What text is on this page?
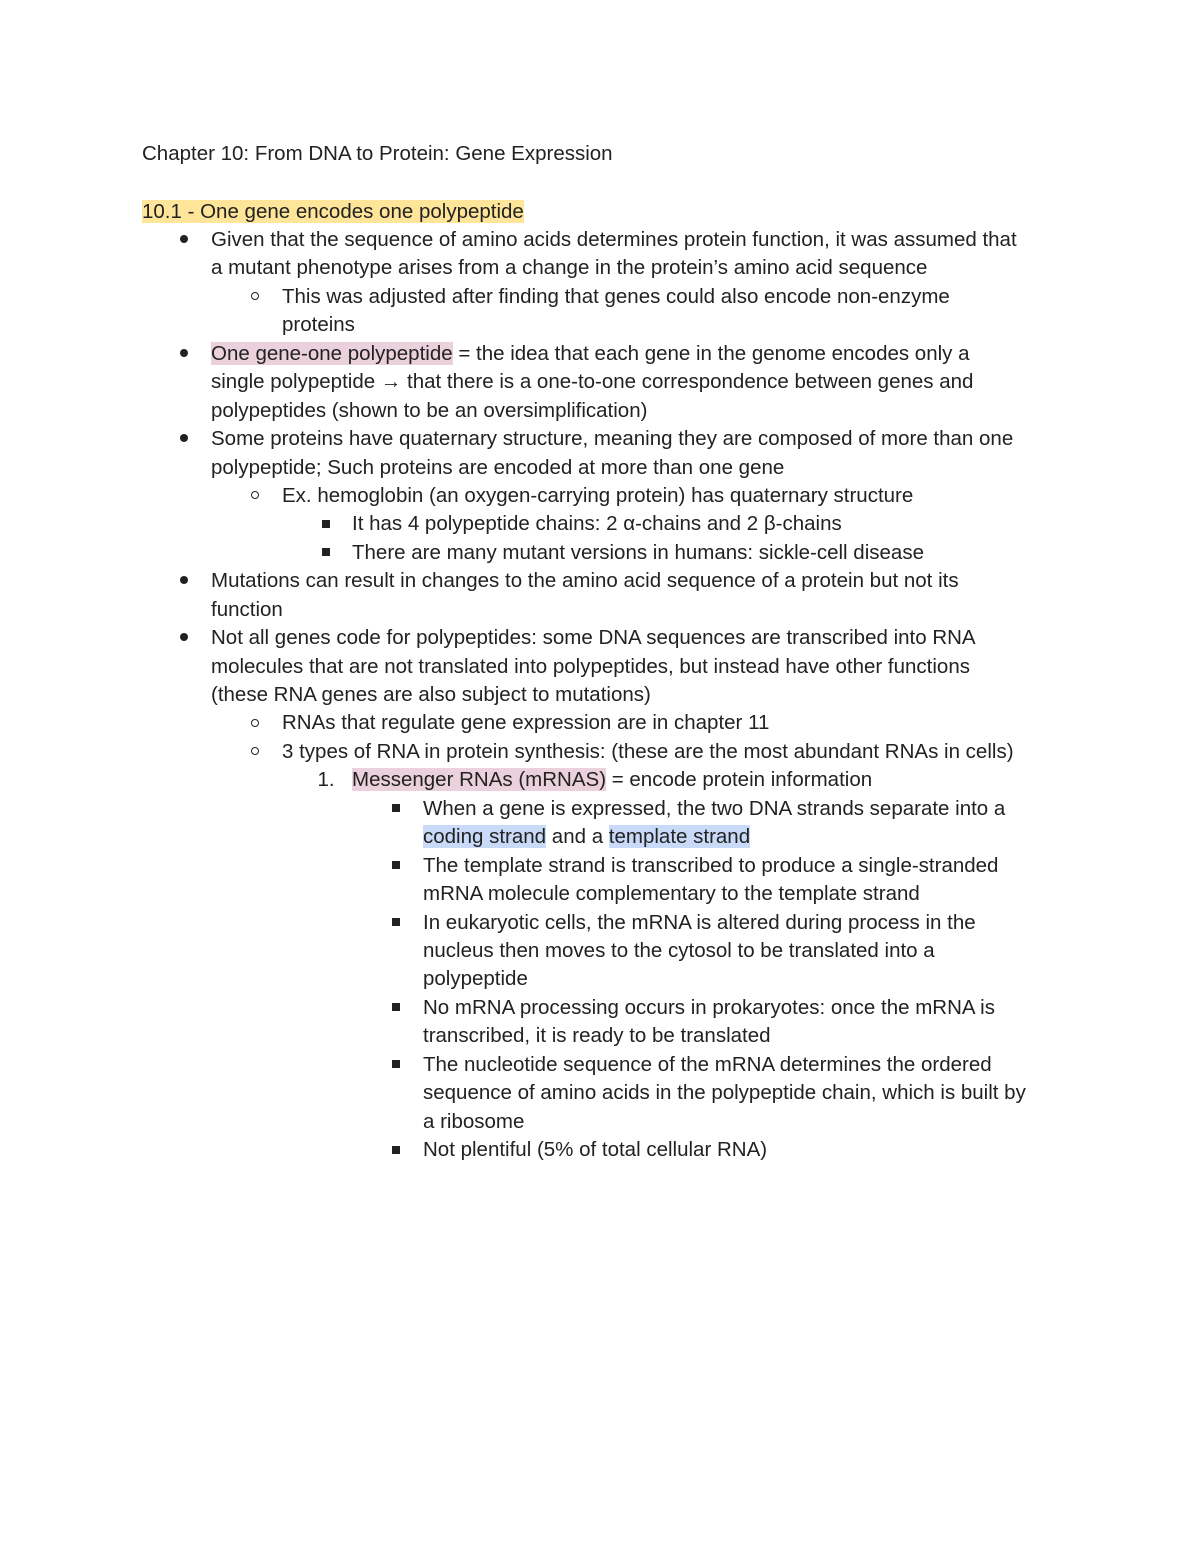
Chapter 10: From DNA to Protein: Gene Expression
10.1 - One gene encodes one polypeptide
Given that the sequence of amino acids determines protein function, it was assumed that
a mutant phenotype arises from a change in the protein’s amino acid sequence
This was adjusted after finding that genes could also encode non-enzyme
proteins
One gene-one polypeptide = the idea that each gene in the genome encodes only a
single polypeptide → that there is a one-to-one correspondence between genes and
polypeptides (shown to be an oversimplification)
Some proteins have quaternary structure, meaning they are composed of more than one
polypeptide; Such proteins are encoded at more than one gene
Ex. hemoglobin (an oxygen-carrying protein) has quaternary structure
It has 4 polypeptide chains: 2 α-chains and 2 β-chains
There are many mutant versions in humans: sickle-cell disease
Mutations can result in changes to the amino acid sequence of a protein but not its
function
Not all genes code for polypeptides: some DNA sequences are transcribed into RNA
molecules that are not translated into polypeptides, but instead have other functions
(these RNA genes are also subject to mutations)
RNAs that regulate gene expression are in chapter 11
3 types of RNA in protein synthesis: (these are the most abundant RNAs in cells)
1. Messenger RNAs (mRNAS) = encode protein information
When a gene is expressed, the two DNA strands separate into a
coding strand and a template strand
The template strand is transcribed to produce a single-stranded
mRNA molecule complementary to the template strand
In eukaryotic cells, the mRNA is altered during process in the
nucleus then moves to the cytosol to be translated into a
polypeptide
No mRNA processing occurs in prokaryotes: once the mRNA is
transcribed, it is ready to be translated
The nucleotide sequence of the mRNA determines the ordered
sequence of amino acids in the polypeptide chain, which is built by
a ribosome
Not plentiful (5% of total cellular RNA)
